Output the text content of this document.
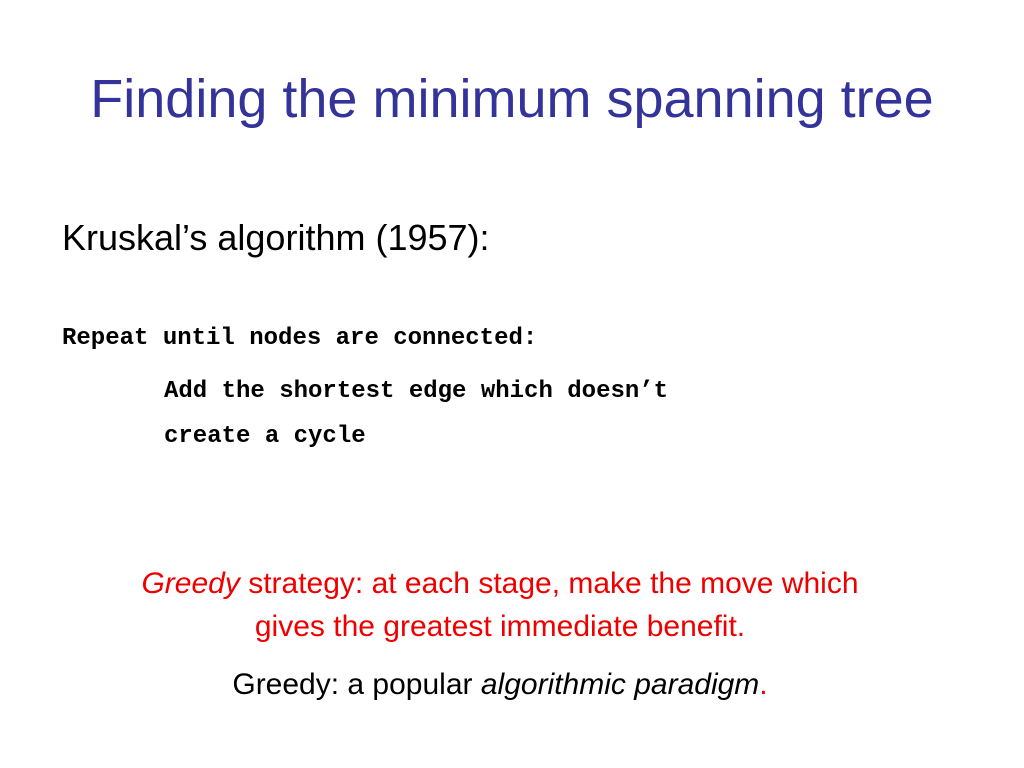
Finding the minimum spanning tree
Kruskal’s algorithm (1957):
Repeat until nodes are connected:
Add the shortest edge which doesn’t
create a cycle
Greedy strategy: at each stage, make the move which
gives the greatest immediate benefit.
Greedy: a popular algorithmic paradigm.
